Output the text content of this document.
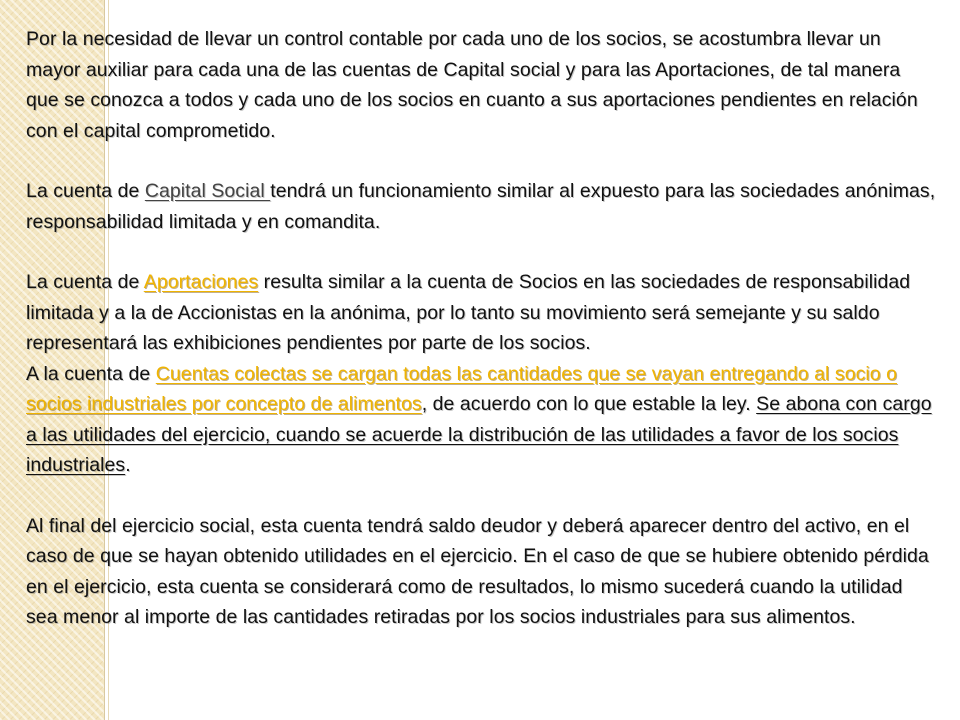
Por la necesidad de llevar un control contable por cada uno de los socios, se acostumbra llevar un mayor auxiliar para cada una de las cuentas de Capital social y para las Aportaciones, de tal manera que se conozca a todos y cada uno de los socios en cuanto a sus aportaciones pendientes en relación con el capital comprometido.

La cuenta de Capital Social tendrá un funcionamiento similar al expuesto para las sociedades anónimas, responsabilidad limitada y en comandita.

La cuenta de Aportaciones resulta similar a la cuenta de Socios en las sociedades de responsabilidad limitada y a la de Accionistas en la anónima, por lo tanto su movimiento será semejante y su saldo representará las exhibiciones pendientes por parte de los socios.

A la cuenta de Cuentas colectas se cargan todas las cantidades que se vayan entregando al socio o socios industriales por concepto de alimentos, de acuerdo con lo que estable la ley. Se abona con cargo a las utilidades del ejercicio, cuando se acuerde la distribución de las utilidades a favor de los socios industriales.

Al final del ejercicio social, esta cuenta tendrá saldo deudor y deberá aparecer dentro del activo, en el caso de que se hayan obtenido utilidades en el ejercicio. En el caso de que se hubiere obtenido pérdida en el ejercicio, esta cuenta se considerará como de resultados, lo mismo sucederá cuando la utilidad sea menor al importe de las cantidades retiradas por los socios industriales para sus alimentos.
